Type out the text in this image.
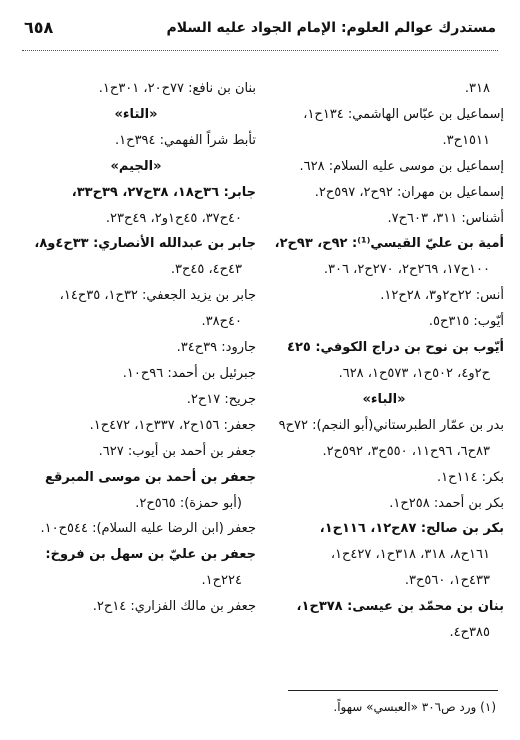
مستدرك عوالم العلوم: الإمام الجواد علیه السلام
٦٥٨
٣١٨.
إسماعيل بن عبّاس الهاشمي: ١٣٤ح١،
١٥١١ح٣.
إسماعيل بن موسى علیه السلام: ٦٢٨.
إسماعيل بن مهران: ٩٢ح٢، ٥٩٧ح٢.
أشناس: ٣١١، ٦٠٣ح٧.
أمية بن عليّ القيسي⁽¹⁾: ٩٢ح، ٩٣ح٢،
١٠٠ح١٧، ٢٦٩ح٢، ٢٧٠ح٢، ٣٠٦.
أنس: ٢٢ح٢و٣، ٢٨ح١٢.
أيّوب: ٣١٥ح٥.
أيّوب بن نوح بن دراج الكوفي: ٤٢٥
ح٢و٤، ٥٠٢ح١، ٥٧٣ح١، ٦٢٨.
«الباء»
بدر بن عمّار الطبرستاني(أبو النجم): ٧٢ح٩
٨٣ح٦، ٩٦ح١١، ٥٥٠ح٣، ٥٩٢ح٢.
بكر: ١١٤ح١.
بكر بن أحمد: ٢٥٨ح١.
بكر بن صالح: ٨٧ح١٢، ١١٦ح١،
١٦١ح٨، ٣١٨، ٣١٨ح١، ٤٢٧ح١،
٤٣٣ح١، ٥٦٠ح٣.
بنان بن محمّد بن عيسى: ٣٧٨ح١،
٣٨٥ح٤.
بنان بن نافع: ٧٧ح٢٠، ٣٠١ح١.
«التاء»
تأبط شراً الفهمي: ٣٩٤ح١.
«الجيم»
جابر: ٣٦ح١٨، ٣٨ح٢٧، ٣٩ح٣٣،
٤٠ح٣٧، ٤٥ح١و٢، ٤٩ح٢٣.
جابر بن عبدالله الأنصاري: ٣٣ح٤و٨،
٤٣ح٤، ٤٥ح٣.
جابر بن يزيد الجعفي: ٣٢ح١، ٣٥ح١٤،
٤٠ح٣٨.
جارود: ٣٩ح٣٤.
جبرئيل بن أحمد: ٩٦ح١٠.
جريح: ١٧ح٢.
جعفر: ١٥٦ح٢، ٣٣٧ح١، ٤٧٢ح١.
جعفر بن أحمد بن أيوب: ٦٢٧.
جعفر بن أحمد بن موسى المبرقع
(أبو حمزة): ٥٦٥ح٢.
جعفر (ابن الرضا علیه السلام): ٥٤٤ح١٠.
جعفر بن عليّ بن سهل بن فروخ:
٢٢٤ح١.
جعفر بن مالك الفزاري: ١٤ح٢.
(١) ورد ص٣٠٦ «العبسي» سهواً.
